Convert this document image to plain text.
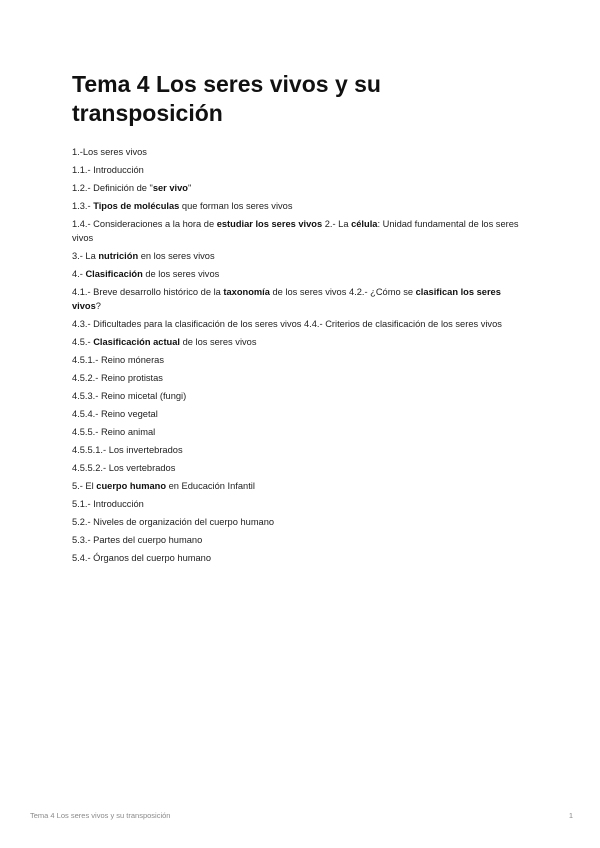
Tema 4 Los seres vivos y su transposición
1.-Los seres vivos
1.1.- Introducción
1.2.- Definición de "ser vivo"
1.3.- Tipos de moléculas que forman los seres vivos
1.4.- Consideraciones a la hora de estudiar los seres vivos 2.- La célula: Unidad fundamental de los seres vivos
3.- La nutrición en los seres vivos
4.- Clasificación de los seres vivos
4.1.- Breve desarrollo histórico de la taxonomía de los seres vivos 4.2.- ¿Cómo se clasifican los seres vivos?
4.3.- Dificultades para la clasificación de los seres vivos 4.4.- Criterios de clasificación de los seres vivos
4.5.- Clasificación actual de los seres vivos
4.5.1.- Reino móneras
4.5.2.- Reino protistas
4.5.3.- Reino micetal (fungi)
4.5.4.- Reino vegetal
4.5.5.- Reino animal
4.5.5.1.- Los invertebrados
4.5.5.2.- Los vertebrados
5.- El cuerpo humano en Educación Infantil
5.1.- Introducción
5.2.- Niveles de organización del cuerpo humano
5.3.- Partes del cuerpo humano
5.4.- Órganos del cuerpo humano
Tema 4 Los seres vivos y su transposición	1
